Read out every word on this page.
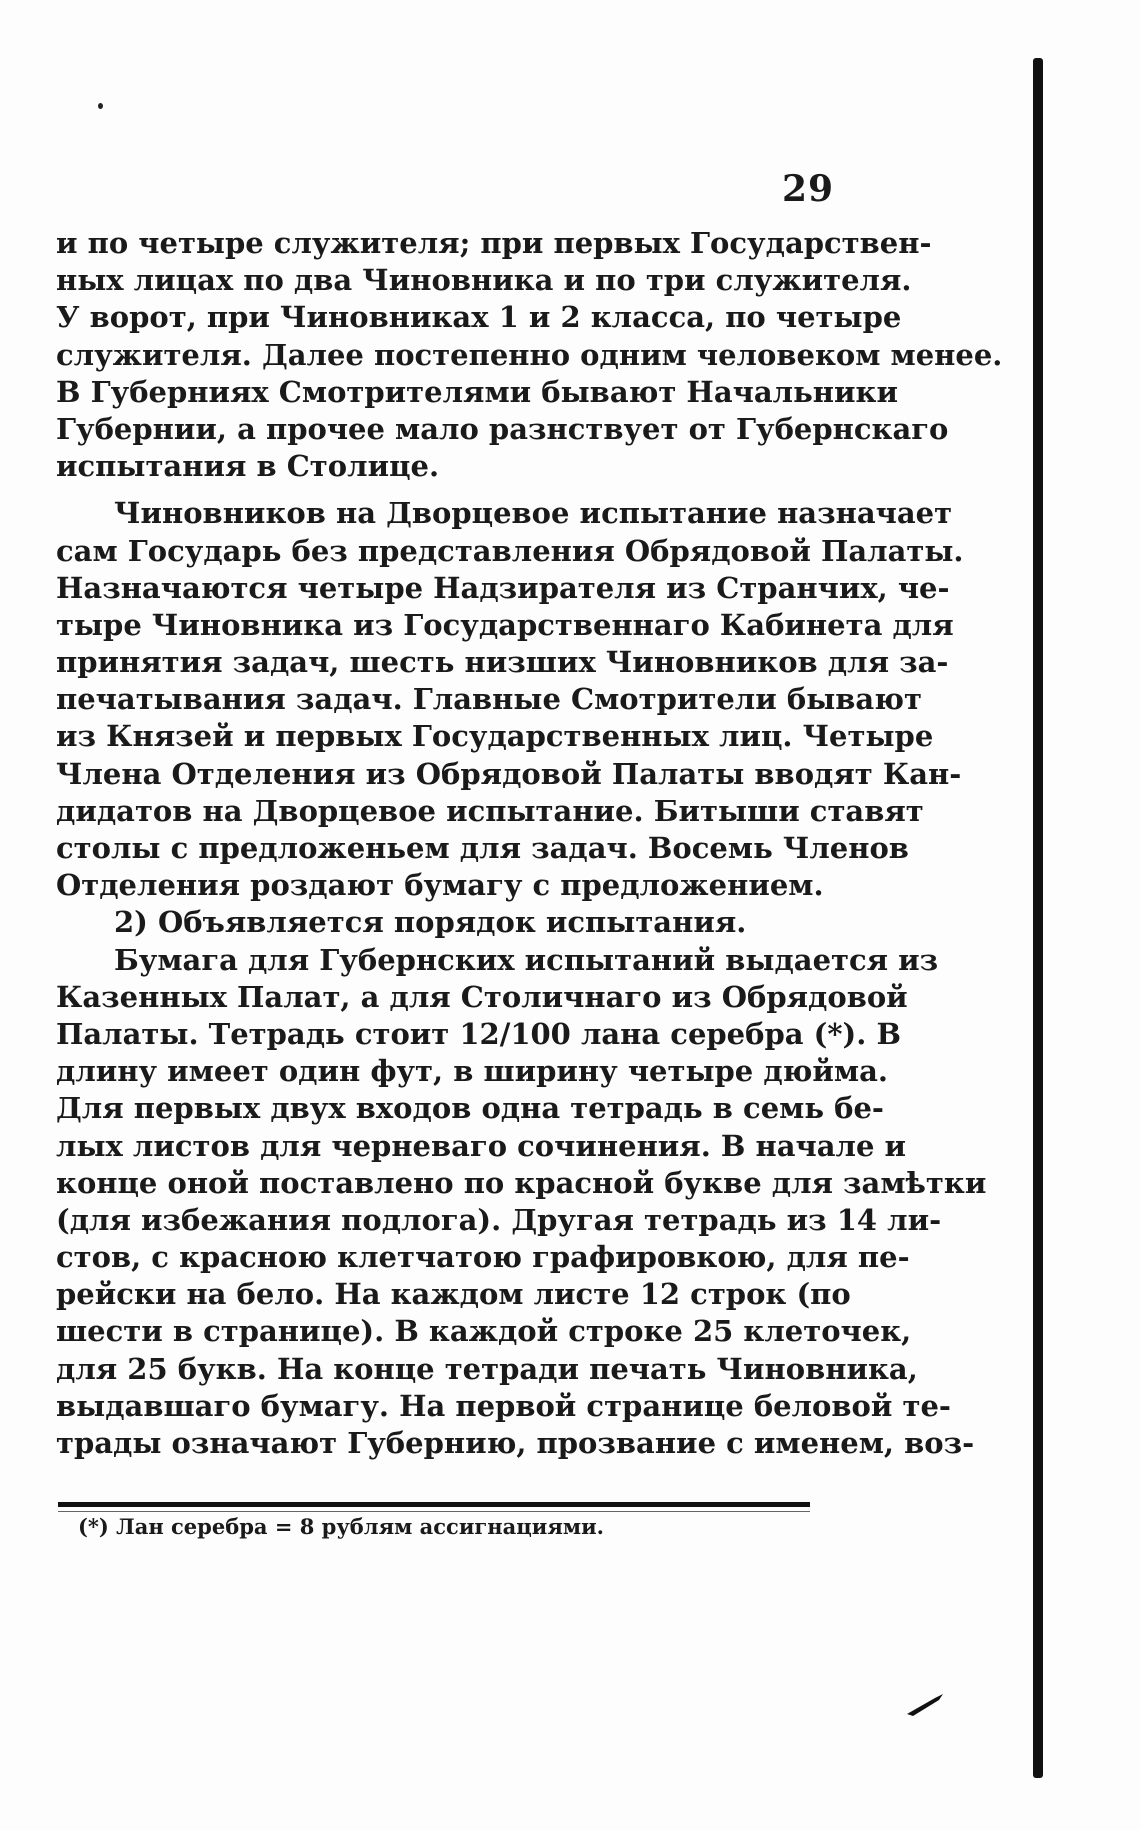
29
и по четыре служителя; при первых Государствен-
ных лицах по два Чиновника и по три служителя.
У ворот, при Чиновниках 1 и 2 класса, по четыре
служителя. Далее постепенно одним человеком менее.
В Губерниях Смотрителями бывают Начальники
Губернии, а прочее мало разнствует от Губернскаго
испытания в Столице.
Чиновников на Дворцевое испытание назначает
сам Государь без представления Обрядовой Палаты.
Назначаются четыре Надзирателя из Странчих, че-
тыре Чиновника из Государственнаго Кабинета для
принятия задач, шесть низших Чиновников для за-
печатывания задач. Главные Смотрители бывают
из Князей и первых Государственных лиц. Четыре
Члена Отделения из Обрядовой Палаты вводят Кан-
дидатов на Дворцевое испытание. Битыши ставят
столы с предложеньем для задач. Восемь Членов
Отделения роздают бумагу с предложением.
2) Объявляется порядок испытания.
Бумага для Губернских испытаний выдается из
Казенных Палат, а для Столичнаго из Обрядовой
Палаты. Тетрадь стоит 12/100 лана серебра (*). В
длину имеет один фут, в ширину четыре дюйма.
Для первых двух входов одна тетрадь в семь бе-
лых листов для черневаго сочинения. В начале и
конце оной поставлено по красной букве для замѣтки
(для избежания подлога). Другая тетрадь из 14 ли-
стов, с красною клетчатою графировкою, для пе-
рейски на бело. На каждом листе 12 строк (по
шести в странице). В каждой строке 25 клеточек,
для 25 букв. На конце тетради печать Чиновника,
выдавшаго бумагу. На первой странице беловой те-
трады означают Губернию, прозвание с именем, воз-
(*) Лан серебра = 8 рублям ассигнациями.
